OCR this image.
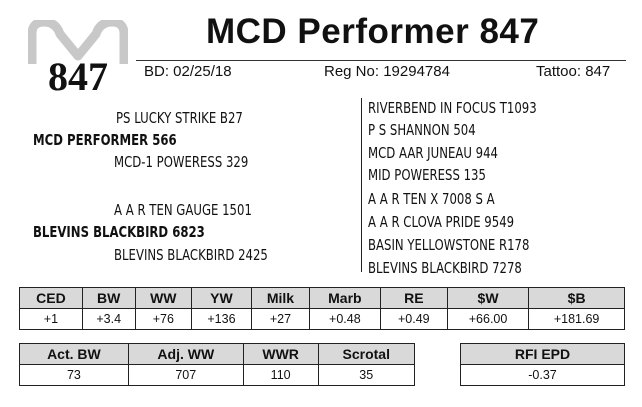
MCD Performer 847
847 BD: 02/25/18	Reg No: 19294784	Tattoo: 847
PS LUCKY STRIKE B27
MCD PERFORMER 566
MCD-1 POWERESS 329
A A R TEN GAUGE 1501
BLEVINS BLACKBIRD 6823
BLEVINS BLACKBIRD 2425
RIVERBEND IN FOCUS T1093
P S SHANNON 504
MCD AAR JUNEAU 944
MID POWERESS 135
A A R TEN X 7008 S A
A A R CLOVA PRIDE 9549
BASIN YELLOWSTONE R178
BLEVINS BLACKBIRD 7278
CED	BW	WW	YW	Milk	Marb	RE	$W	$B
+1	+3.4	+76	+136	+27	+0.48	+0.49	+66.00	+181.69
Act. BW	Adj. WW	WWR	Scrotal
73	707	110	35
RFI EPD
-0.37
